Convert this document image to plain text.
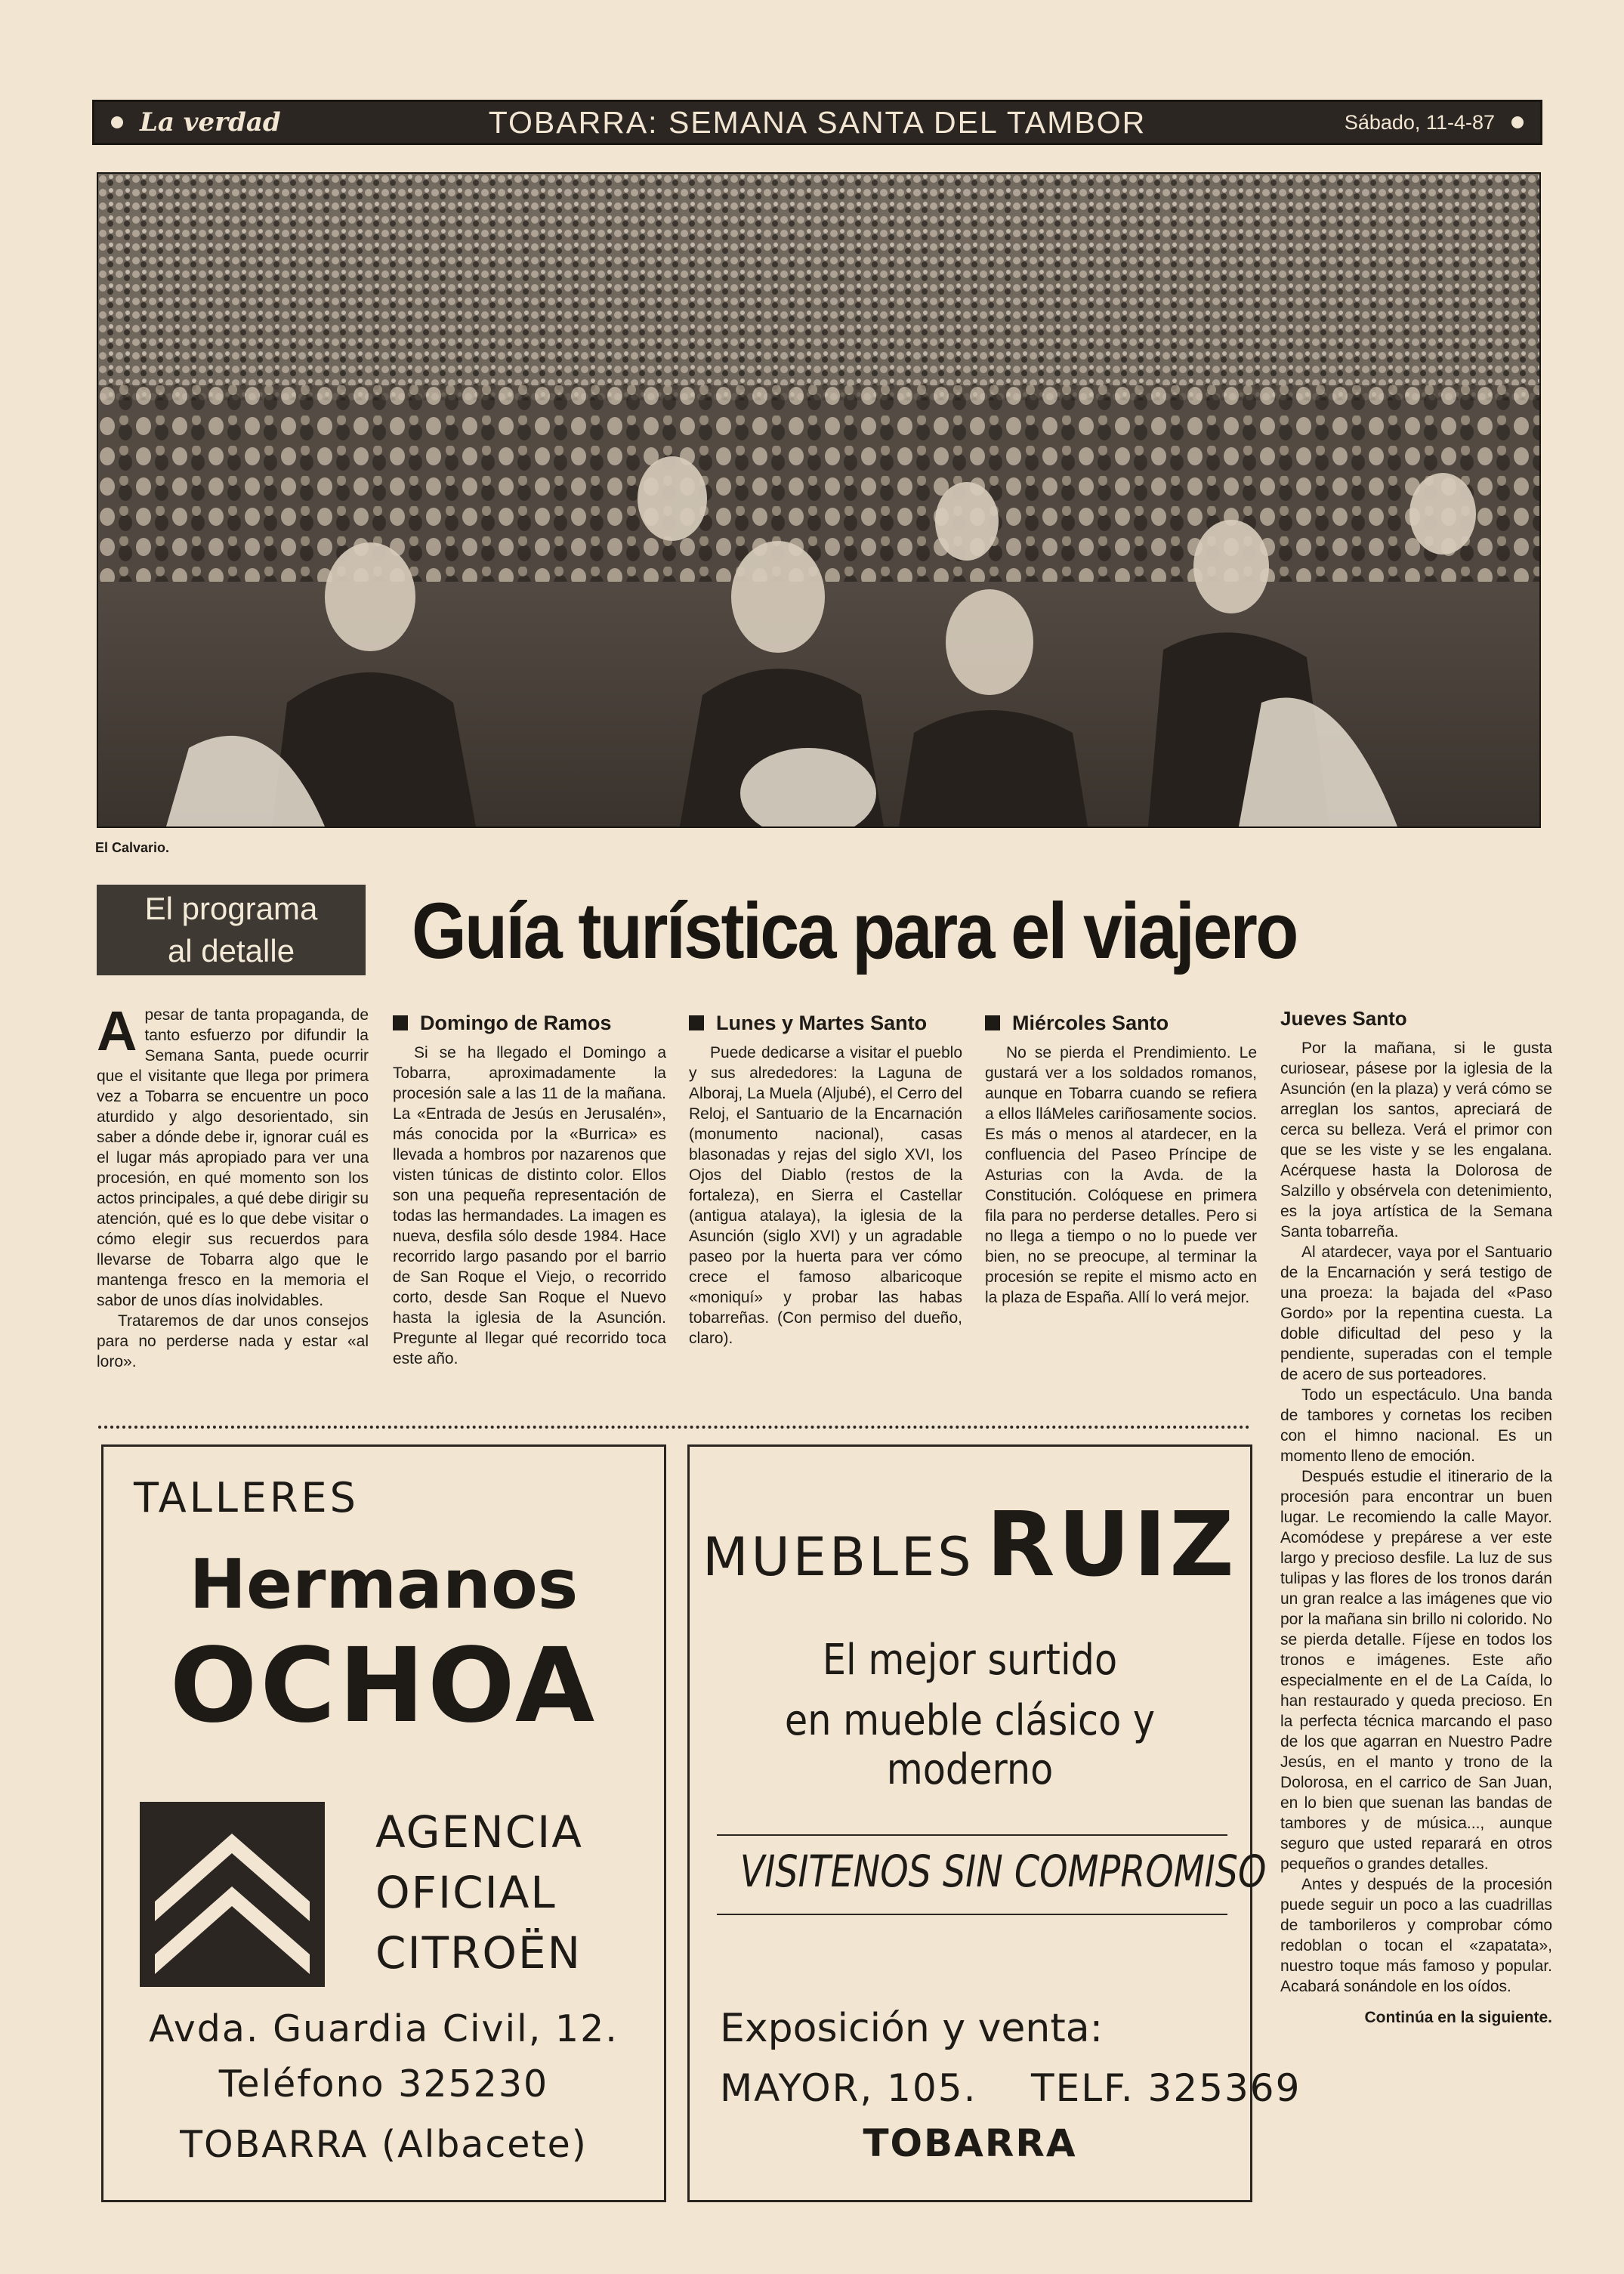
La verdad	TOBARRA: SEMANA SANTA DEL TAMBOR	Sábado, 11-4-87
El Calvario.
El programa
al detalle	Guía turística para el viajero

Apesar de tanta propaganda, de tanto esfuerzo por difundir la Semana Santa, puede ocurrir que el visitante que llega por primera vez a Tobarra se encuentre un poco aturdido y algo desorientado, sin saber a dónde debe ir, ignorar cuál es el lugar más apropiado para ver una procesión, en qué momento son los actos principales, a qué debe dirigir su atención, qué es lo que debe visitar o cómo elegir sus recuerdos para llevarse de Tobarra algo que le mantenga fresco en la memoria el sabor de unos días inolvidables.

Trataremos de dar unos consejos para no perderse nada y estar «al loro».

Domingo de Ramos

Si se ha llegado el Domingo a Tobarra, aproximadamente la procesión sale a las 11 de la mañana. La «Entrada de Jesús en Jerusalén», más conocida por la «Burrica» es llevada a hombros por nazarenos que visten túnicas de distinto color. Ellos son una pequeña representación de todas las hermandades. La imagen es nueva, desfila sólo desde 1984. Hace recorrido largo pasando por el barrio de San Roque el Viejo, o recorrido corto, desde San Roque el Nuevo hasta la iglesia de la Asunción. Pregunte al llegar qué recorrido toca este año.

Lunes y Martes Santo

Puede dedicarse a visitar el pueblo y sus alrededores: la Laguna de Alboraj, La Muela (Aljubé), el Cerro del Reloj, el Santuario de la Encarnación (monumento nacional), casas blasonadas y rejas del siglo XVI, los Ojos del Diablo (restos de la fortaleza), en Sierra el Castellar (antigua atalaya), la iglesia de la Asunción (siglo XVI) y un agradable paseo por la huerta para ver cómo crece el famoso albaricoque «moniquí» y probar las habas tobarreñas. (Con permiso del dueño, claro).

Miércoles Santo

No se pierda el Prendimiento. Le gustará ver a los soldados romanos, aunque en Tobarra cuando se refiera a ellos lláMeles cariñosamente socios. Es más o menos al atardecer, en la confluencia del Paseo Príncipe de Asturias con la Avda. de la Constitución. Colóquese en primera fila para no perderse detalles. Pero si no llega a tiempo o no lo puede ver bien, no se preocupe, al terminar la procesión se repite el mismo acto en la plaza de España. Allí lo verá mejor.

Jueves Santo

Por la mañana, si le gusta curiosear, pásese por la iglesia de la Asunción (en la plaza) y verá cómo se arreglan los santos, apreciará de cerca su belleza. Verá el primor con que se les viste y se les engalana. Acérquese hasta la Dolorosa de Salzillo y obsérvela con detenimiento, es la joya artística de la Semana Santa tobarreña.

Al atardecer, vaya por el Santuario de la Encarnación y será testigo de una proeza: la bajada del «Paso Gordo» por la repentina cuesta. La doble dificultad del peso y la pendiente, superadas con el temple de acero de sus porteadores.

Todo un espectáculo. Una banda de tambores y cornetas los reciben con el himno nacional. Es un momento lleno de emoción.

Después estudie el itinerario de la procesión para encontrar un buen lugar. Le recomiendo la calle Mayor. Acomódese y prepárese a ver este largo y precioso desfile. La luz de sus tulipas y las flores de los tronos darán un gran realce a las imágenes que vio por la mañana sin brillo ni colorido. No se pierda detalle. Fíjese en todos los tronos e imágenes. Este año especialmente en el de La Caída, lo han restaurado y queda precioso. En la perfecta técnica marcando el paso de los que agarran en Nuestro Padre Jesús, en el manto y trono de la Dolorosa, en el carrico de San Juan, en lo bien que suenan las bandas de tambores y de música..., aunque seguro que usted reparará en otros pequeños o grandes detalles.

Antes y después de la procesión puede seguir un poco a las cuadrillas de tamborileros y comprobar cómo redoblan o tocan el «zapatata», nuestro toque más famoso y popular. Acabará sonándole en los oídos.

Continúa en la siguiente.
TALLERES
Hermanos
OCHOA
AGENCIA
OFICIAL
CITROËN
Avda. Guardia Civil, 12.
Teléfono 325230
TOBARRA (Albacete)
MUEBLES RUIZ
El mejor surtido
en mueble clásico y moderno
VISITENOS SIN COMPROMISO
Exposición y venta:
MAYOR, 105.    TELF. 325369
TOBARRA
